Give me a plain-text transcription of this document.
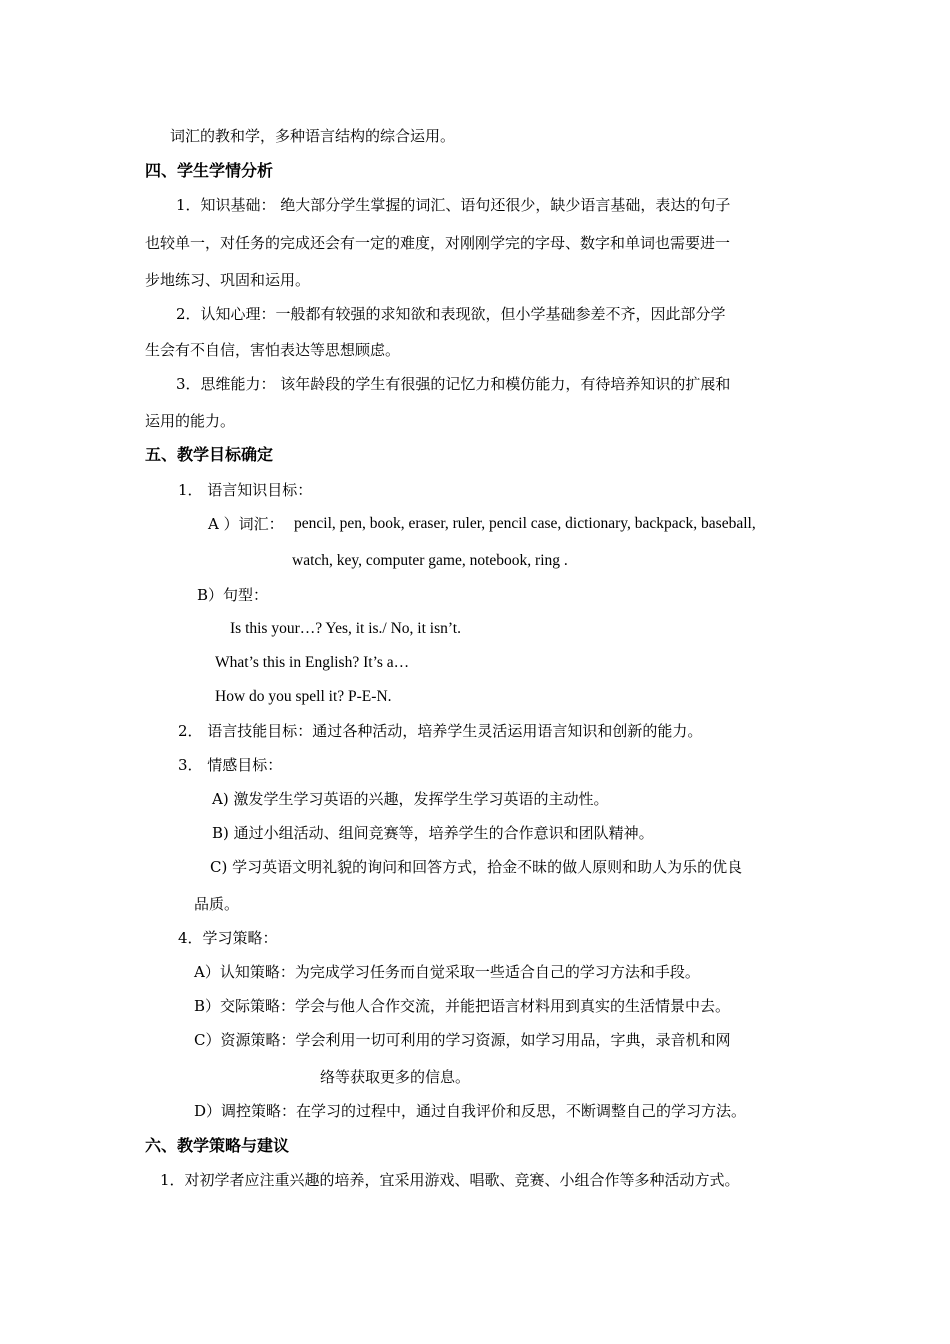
词汇的教和学，多种语言结构的综合运用。
四、学生学情分析
1．知识基础： 绝大部分学生掌握的词汇、语句还很少，缺少语言基础，表达的句子
也较单一，对任务的完成还会有一定的难度，对刚刚学完的字母、数字和单词也需要进一
步地练习、巩固和运用。
2．认知心理：一般都有较强的求知欲和表现欲，但小学基础参差不齐，因此部分学
生会有不自信，害怕表达等思想顾虑。
3．思维能力： 该年龄段的学生有很强的记忆力和模仿能力，有待培养知识的扩展和
运用的能力。
五、教学目标确定
1． 语言知识目标：
A ）词汇： pencil, pen, book, eraser, ruler, pencil case, dictionary, backpack, baseball,
watch, key, computer game, notebook, ring .
B）句型：
Is this your…? Yes, it is./ No, it isn’t.
What’s this in English? It’s a…
How do you spell it? P-E-N.
2． 语言技能目标：通过各种活动，培养学生灵活运用语言知识和创新的能力。
3． 情感目标：
A) 激发学生学习英语的兴趣，发挥学生学习英语的主动性。
B) 通过小组活动、组间竞赛等，培养学生的合作意识和团队精神。
C) 学习英语文明礼貌的询问和回答方式，拾金不昧的做人原则和助人为乐的优良
品质。
4．学习策略：
A）认知策略：为完成学习任务而自觉采取一些适合自己的学习方法和手段。
B）交际策略：学会与他人合作交流，并能把语言材料用到真实的生活情景中去。
C）资源策略：学会利用一切可利用的学习资源，如学习用品，字典，录音机和网
络等获取更多的信息。
D）调控策略：在学习的过程中，通过自我评价和反思，不断调整自己的学习方法。
六、教学策略与建议
1．对初学者应注重兴趣的培养，宜采用游戏、唱歌、竞赛、小组合作等多种活动方式。
